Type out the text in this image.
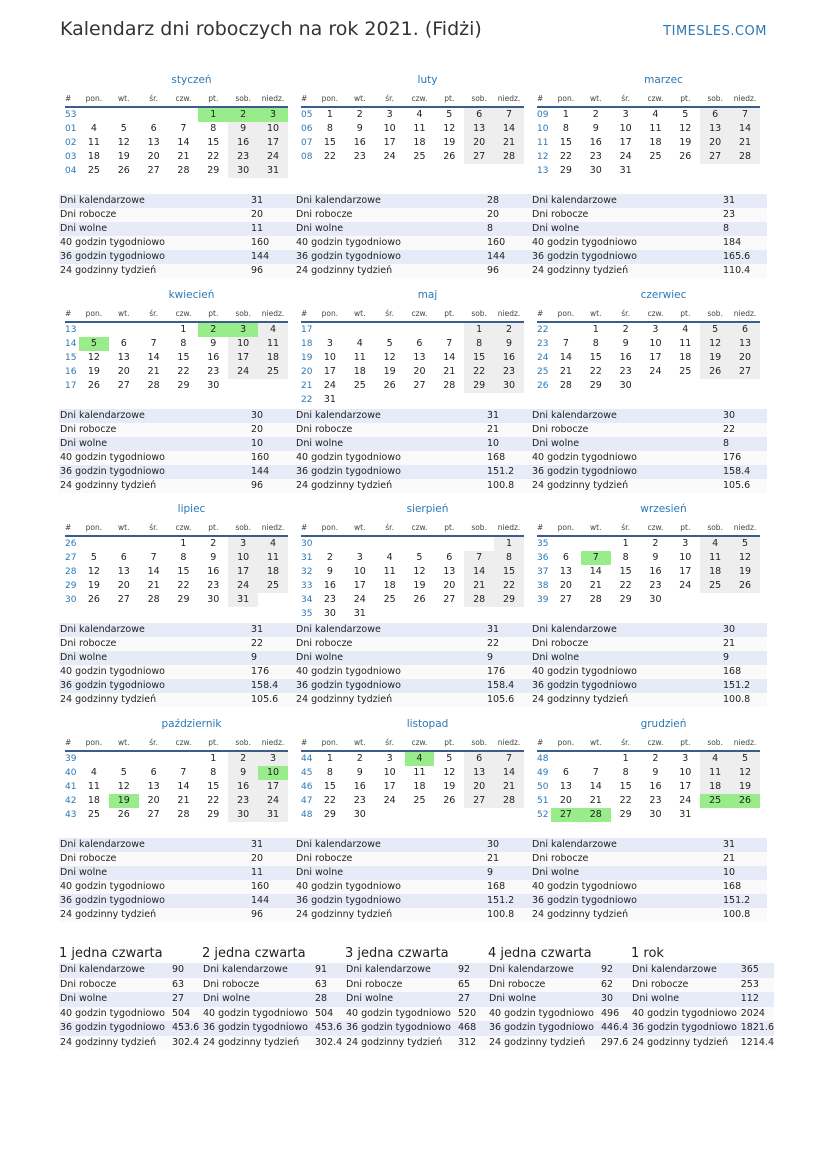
Kalendarz dni roboczych na rok 2021. (Fidżi)	TIMESLES.COM
styczeń
#	pon.	wt.	śr.	czw.	pt.	sob.	niedz.
53					1	2	3
01	4	5	6	7	8	9	10
02	11	12	13	14	15	16	17
03	18	19	20	21	22	23	24
04	25	26	27	28	29	30	31
Dni kalendarzowe	31
Dni robocze	20
Dni wolne	11
40 godzin tygodniowo	160
36 godzin tygodniowo	144
24 godzinny tydzień	96
luty
#	pon.	wt.	śr.	czw.	pt.	sob.	niedz.
05	1	2	3	4	5	6	7
06	8	9	10	11	12	13	14
07	15	16	17	18	19	20	21
08	22	23	24	25	26	27	28
Dni kalendarzowe	28
Dni robocze	20
Dni wolne	8
40 godzin tygodniowo	160
36 godzin tygodniowo	144
24 godzinny tydzień	96
marzec
#	pon.	wt.	śr.	czw.	pt.	sob.	niedz.
09	1	2	3	4	5	6	7
10	8	9	10	11	12	13	14
11	15	16	17	18	19	20	21
12	22	23	24	25	26	27	28
13	29	30	31				
Dni kalendarzowe	31
Dni robocze	23
Dni wolne	8
40 godzin tygodniowo	184
36 godzin tygodniowo	165.6
24 godzinny tydzień	110.4
kwiecień
#	pon.	wt.	śr.	czw.	pt.	sob.	niedz.
13				1	2	3	4
14	5	6	7	8	9	10	11
15	12	13	14	15	16	17	18
16	19	20	21	22	23	24	25
17	26	27	28	29	30		
Dni kalendarzowe	30
Dni robocze	20
Dni wolne	10
40 godzin tygodniowo	160
36 godzin tygodniowo	144
24 godzinny tydzień	96
maj
#	pon.	wt.	śr.	czw.	pt.	sob.	niedz.
17						1	2
18	3	4	5	6	7	8	9
19	10	11	12	13	14	15	16
20	17	18	19	20	21	22	23
21	24	25	26	27	28	29	30
22	31						
Dni kalendarzowe	31
Dni robocze	21
Dni wolne	10
40 godzin tygodniowo	168
36 godzin tygodniowo	151.2
24 godzinny tydzień	100.8
czerwiec
#	pon.	wt.	śr.	czw.	pt.	sob.	niedz.
22		1	2	3	4	5	6
23	7	8	9	10	11	12	13
24	14	15	16	17	18	19	20
25	21	22	23	24	25	26	27
26	28	29	30				
Dni kalendarzowe	30
Dni robocze	22
Dni wolne	8
40 godzin tygodniowo	176
36 godzin tygodniowo	158.4
24 godzinny tydzień	105.6
lipiec
#	pon.	wt.	śr.	czw.	pt.	sob.	niedz.
26				1	2	3	4
27	5	6	7	8	9	10	11
28	12	13	14	15	16	17	18
29	19	20	21	22	23	24	25
30	26	27	28	29	30	31	
Dni kalendarzowe	31
Dni robocze	22
Dni wolne	9
40 godzin tygodniowo	176
36 godzin tygodniowo	158.4
24 godzinny tydzień	105.6
sierpień
#	pon.	wt.	śr.	czw.	pt.	sob.	niedz.
30							1
31	2	3	4	5	6	7	8
32	9	10	11	12	13	14	15
33	16	17	18	19	20	21	22
34	23	24	25	26	27	28	29
35	30	31					
Dni kalendarzowe	31
Dni robocze	22
Dni wolne	9
40 godzin tygodniowo	176
36 godzin tygodniowo	158.4
24 godzinny tydzień	105.6
wrzesień
#	pon.	wt.	śr.	czw.	pt.	sob.	niedz.
35			1	2	3	4	5
36	6	7	8	9	10	11	12
37	13	14	15	16	17	18	19
38	20	21	22	23	24	25	26
39	27	28	29	30			
Dni kalendarzowe	30
Dni robocze	21
Dni wolne	9
40 godzin tygodniowo	168
36 godzin tygodniowo	151.2
24 godzinny tydzień	100.8
październik
#	pon.	wt.	śr.	czw.	pt.	sob.	niedz.
39					1	2	3
40	4	5	6	7	8	9	10
41	11	12	13	14	15	16	17
42	18	19	20	21	22	23	24
43	25	26	27	28	29	30	31
Dni kalendarzowe	31
Dni robocze	20
Dni wolne	11
40 godzin tygodniowo	160
36 godzin tygodniowo	144
24 godzinny tydzień	96
listopad
#	pon.	wt.	śr.	czw.	pt.	sob.	niedz.
44	1	2	3	4	5	6	7
45	8	9	10	11	12	13	14
46	15	16	17	18	19	20	21
47	22	23	24	25	26	27	28
48	29	30					
Dni kalendarzowe	30
Dni robocze	21
Dni wolne	9
40 godzin tygodniowo	168
36 godzin tygodniowo	151.2
24 godzinny tydzień	100.8
grudzień
#	pon.	wt.	śr.	czw.	pt.	sob.	niedz.
48			1	2	3	4	5
49	6	7	8	9	10	11	12
50	13	14	15	16	17	18	19
51	20	21	22	23	24	25	26
52	27	28	29	30	31		
Dni kalendarzowe	31
Dni robocze	21
Dni wolne	10
40 godzin tygodniowo	168
36 godzin tygodniowo	151.2
24 godzinny tydzień	100.8
1 jedna czwarta
Dni kalendarzowe	90
Dni robocze	63
Dni wolne	27
40 godzin tygodniowo	504
36 godzin tygodniowo	453.6
24 godzinny tydzień	302.4
2 jedna czwarta
Dni kalendarzowe	91
Dni robocze	63
Dni wolne	28
40 godzin tygodniowo	504
36 godzin tygodniowo	453.6
24 godzinny tydzień	302.4
3 jedna czwarta
Dni kalendarzowe	92
Dni robocze	65
Dni wolne	27
40 godzin tygodniowo	520
36 godzin tygodniowo	468
24 godzinny tydzień	312
4 jedna czwarta
Dni kalendarzowe	92
Dni robocze	62
Dni wolne	30
40 godzin tygodniowo	496
36 godzin tygodniowo	446.4
24 godzinny tydzień	297.6
1 rok
Dni kalendarzowe	365
Dni robocze	253
Dni wolne	112
40 godzin tygodniowo	2024
36 godzin tygodniowo	1821.6
24 godzinny tydzień	1214.4
